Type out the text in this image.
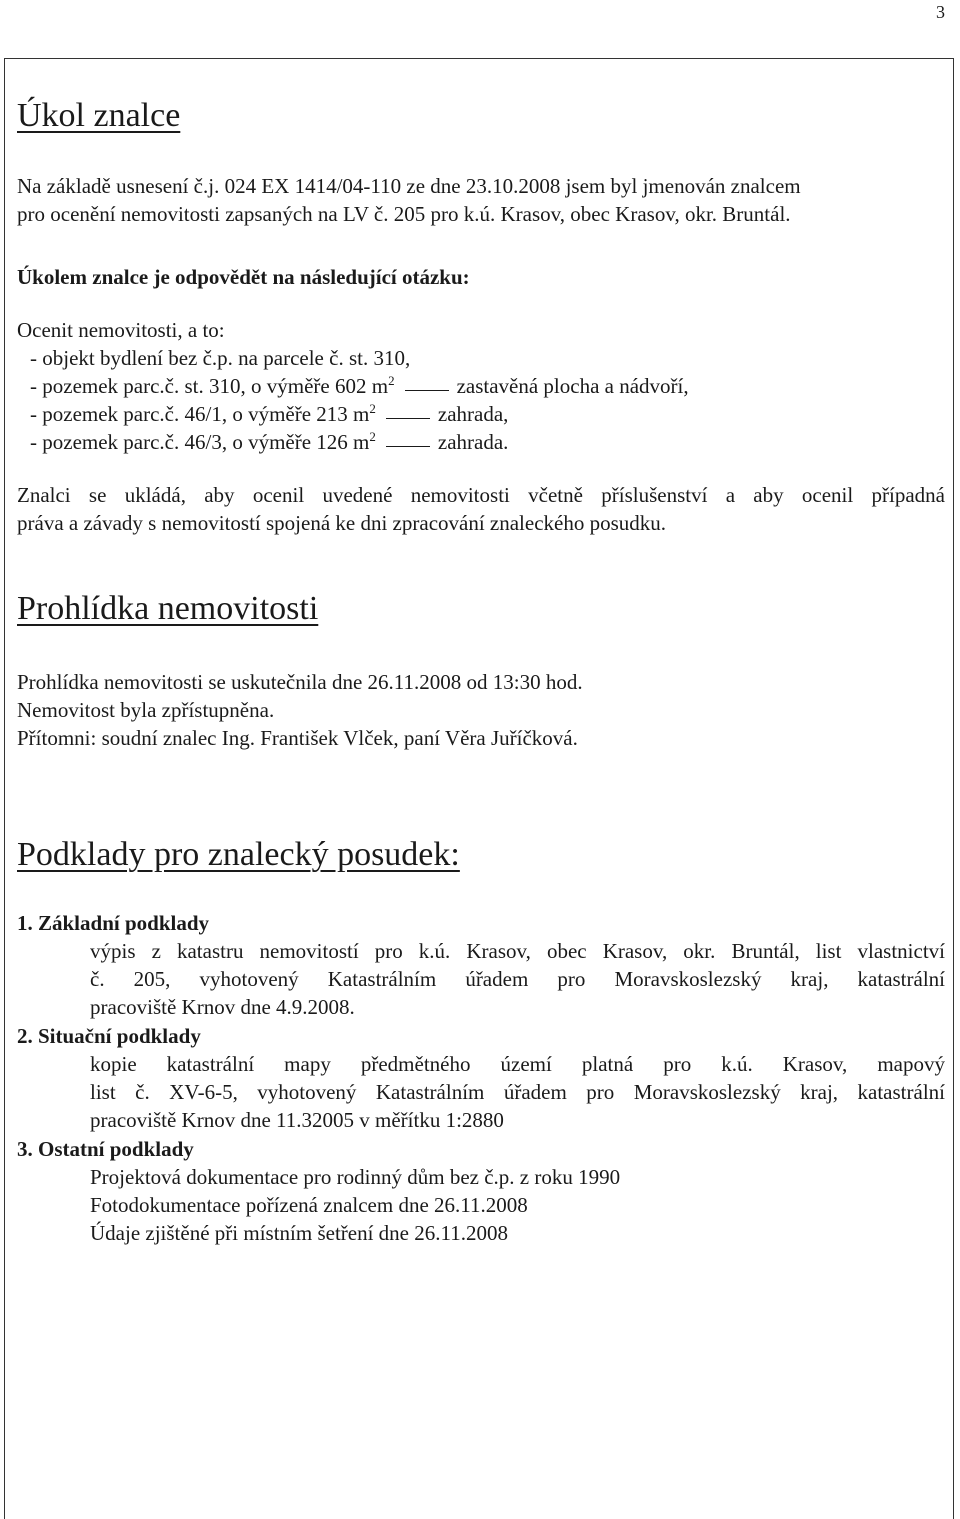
3
Úkol znalce
Na základě usnesení č.j. 024 EX 1414/04-110 ze dne 23.10.2008 jsem byl jmenován znalcem
pro ocenění nemovitosti zapsaných na LV č. 205 pro k.ú. Krasov, obec Krasov, okr. Bruntál.
Úkolem znalce je odpovědět na následující otázku:
Ocenit nemovitosti, a to:
- objekt bydlení bez č.p. na parcele č. st. 310,
- pozemek parc.č. st. 310, o výměře 602 $m^2$	zastavěná plocha a nádvoří,
- pozemek parc.č. 46/1, o výměře 213 $m^2$	zahrada,
- pozemek parc.č. 46/3, o výměře 126 $m^2$	zahrada.
Znalci se ukládá, aby ocenil uvedené nemovitosti včetně příslušenství a aby ocenil případná
práva a závady s nemovitostí spojená ke dni zpracování znaleckého posudku.
Prohlídka nemovitosti
Prohlídka nemovitosti se uskutečnila dne 26.11.2008 od 13:30 hod.
Nemovitost byla zpřístupněna.
Přítomni: soudní znalec Ing. František Vlček, paní Věra Juříčková.
Podklady pro znalecký posudek:
1. Základní podklady
výpis z katastru nemovitostí pro k.ú. Krasov, obec Krasov, okr. Bruntál, list vlastnictví
č. 205, vyhotovený Katastrálním úřadem pro Moravskoslezský kraj, katastrální
pracoviště Krnov dne 4.9.2008.
2. Situační podklady
kopie katastrální mapy předmětného území platná pro k.ú. Krasov, mapový
list č. XV-6-5, vyhotovený Katastrálním úřadem pro Moravskoslezský kraj, katastrální
pracoviště Krnov dne 11.32005 v měřítku 1:2880
3. Ostatní podklady
Projektová dokumentace pro rodinný dům bez č.p. z roku 1990
Fotodokumentace pořízená znalcem dne 26.11.2008
Údaje zjištěné při místním šetření dne 26.11.2008
